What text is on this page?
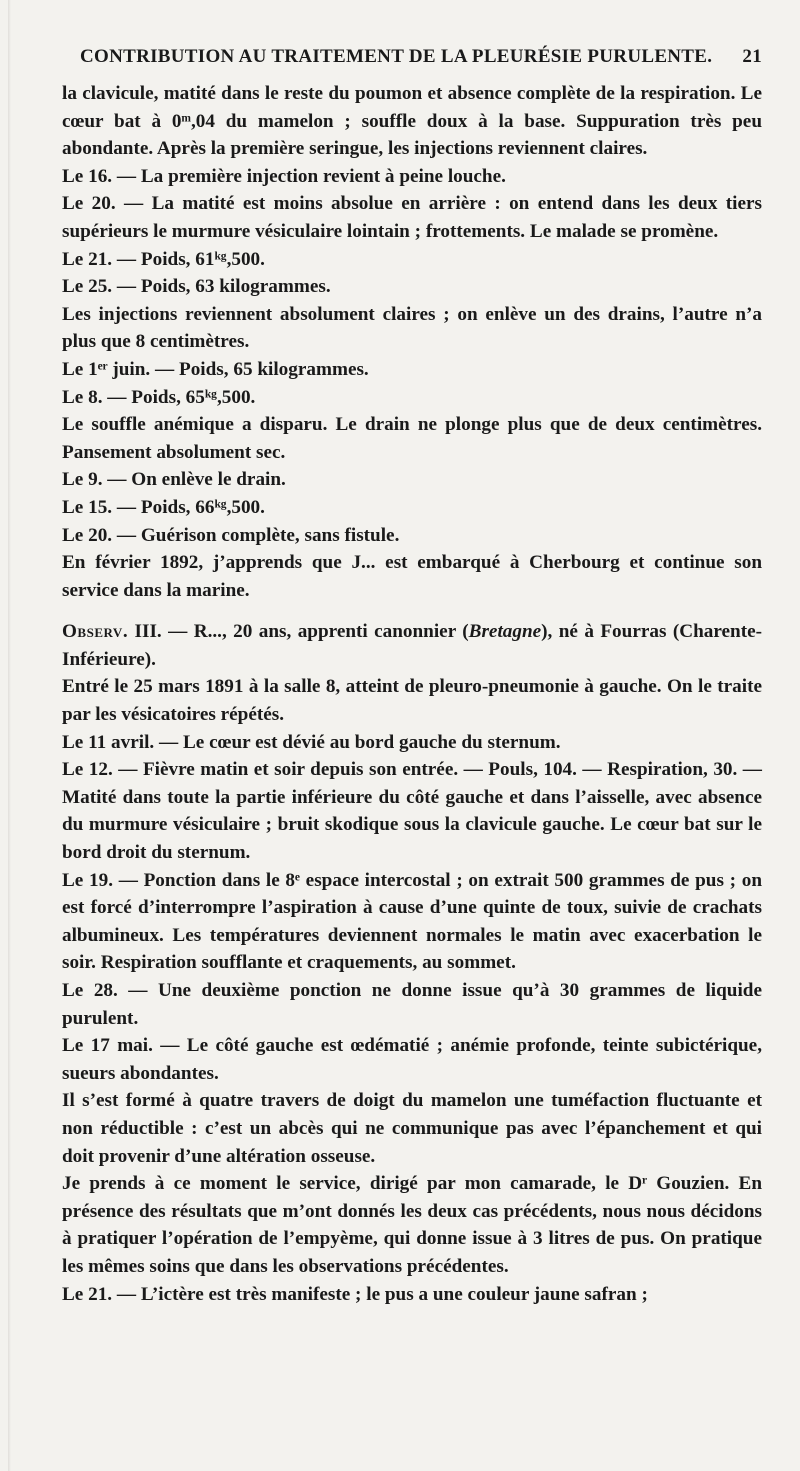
CONTRIBUTION AU TRAITEMENT DE LA PLEURÉSIE PURULENTE. 21

la clavicule, matité dans le reste du poumon et absence complète de la respiration. Le cœur bat à 0ᵐ,04 du mamelon ; souffle doux à la base. Suppuration très peu abondante. Après la première seringue, les injections reviennent claires.

Le 16. — La première injection revient à peine louche.

Le 20. — La matité est moins absolue en arrière : on entend dans les deux tiers supérieurs le murmure vésiculaire lointain ; frottements. Le malade se promène.

Le 21. — Poids, 61ᵏᵍ,500.

Le 25. — Poids, 63 kilogrammes.

Les injections reviennent absolument claires ; on enlève un des drains, l’autre n’a plus que 8 centimètres.

Le 1ᵉʳ juin. — Poids, 65 kilogrammes.

Le 8. — Poids, 65ᵏᵍ,500.

Le souffle anémique a disparu. Le drain ne plonge plus que de deux centimètres. Pansement absolument sec.

Le 9. — On enlève le drain.

Le 15. — Poids, 66ᵏᵍ,500.

Le 20. — Guérison complète, sans fistule.

En février 1892, j’apprends que J... est embarqué à Cherbourg et continue son service dans la marine.

Observ. III. — R..., 20 ans, apprenti canonnier (Bretagne), né à Fourras (Charente-Inférieure).

Entré le 25 mars 1891 à la salle 8, atteint de pleuro-pneumonie à gauche. On le traite par les vésicatoires répétés.

Le 11 avril. — Le cœur est dévié au bord gauche du sternum.

Le 12. — Fièvre matin et soir depuis son entrée. — Pouls, 104. — Respiration, 30. — Matité dans toute la partie inférieure du côté gauche et dans l’aisselle, avec absence du murmure vésiculaire ; bruit skodique sous la clavicule gauche. Le cœur bat sur le bord droit du sternum.

Le 19. — Ponction dans le 8ᵉ espace intercostal ; on extrait 500 grammes de pus ; on est forcé d’interrompre l’aspiration à cause d’une quinte de toux, suivie de crachats albumineux. Les températures deviennent normales le matin avec exacerbation le soir. Respiration soufflante et craquements, au sommet.

Le 28. — Une deuxième ponction ne donne issue qu’à 30 grammes de liquide purulent.

Le 17 mai. — Le côté gauche est œdématié ; anémie profonde, teinte subictérique, sueurs abondantes.

Il s’est formé à quatre travers de doigt du mamelon une tuméfaction fluctuante et non réductible : c’est un abcès qui ne communique pas avec l’épanchement et qui doit provenir d’une altération osseuse.

Je prends à ce moment le service, dirigé par mon camarade, le Dʳ Gouzien. En présence des résultats que m’ont donnés les deux cas précédents, nous nous décidons à pratiquer l’opération de l’empyème, qui donne issue à 3 litres de pus. On pratique les mêmes soins que dans les observations précédentes.

Le 21. — L’ictère est très manifeste ; le pus a une couleur jaune safran ;
